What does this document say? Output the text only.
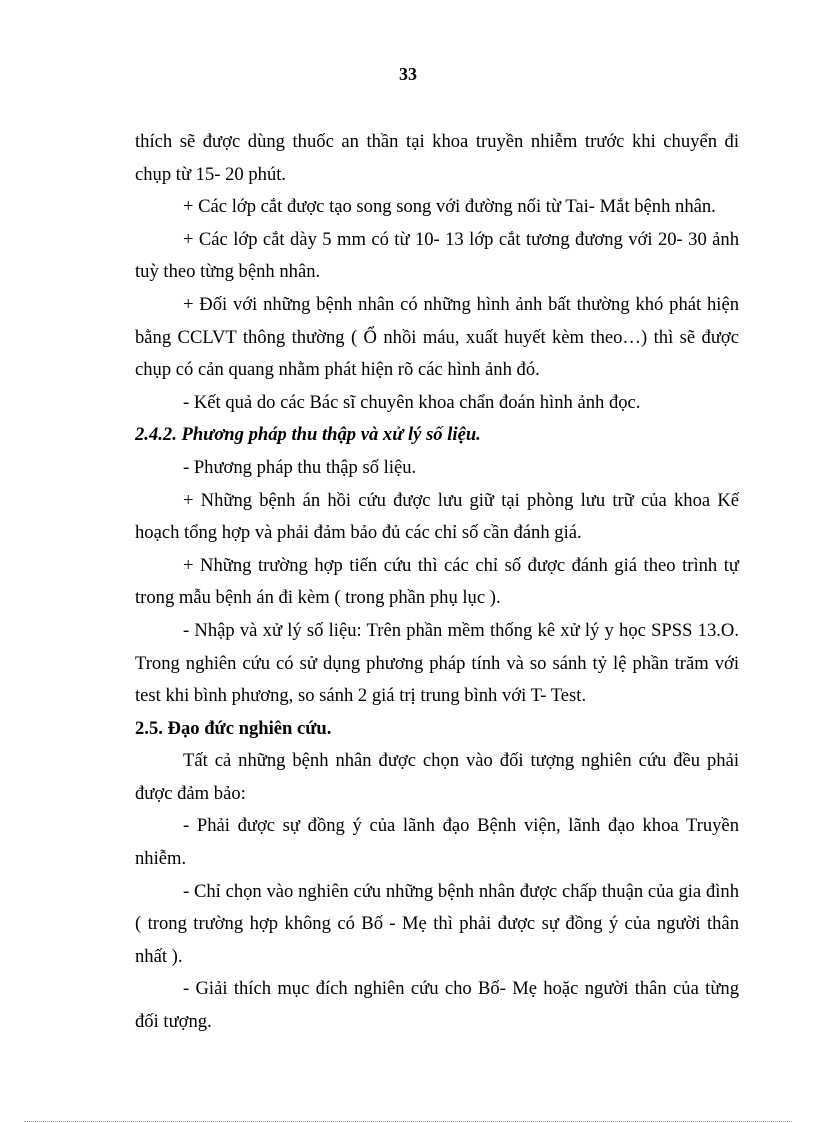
33

thích sẽ được dùng thuốc an thần tại khoa truyền nhiễm trước khi chuyển đi chụp từ 15- 20 phút.

+ Các lớp cắt được tạo song song với đường nối từ Tai- Mắt bệnh nhân.

+ Các lớp cắt dày 5 mm có từ 10- 13 lớp cắt tương đương với 20- 30 ảnh tuỳ theo từng bệnh nhân.

+ Đối với những bệnh nhân có những hình ảnh bất thường khó phát hiện bằng CCLVT thông thường ( Ổ nhồi máu, xuất huyết kèm theo…) thì sẽ được chụp có cản quang nhằm phát hiện rõ các hình ảnh đó.

- Kết quả do các Bác sĩ chuyên khoa chẩn đoán hình ảnh đọc.

2.4.2. Phương pháp thu thập và xử lý số liệu.

- Phương pháp thu thập số liệu.

+ Những bệnh án hồi cứu được lưu giữ tại phòng lưu trữ của khoa Kế hoạch tổng hợp và phải đảm bảo đủ các chỉ số cần đánh giá.

+ Những trường hợp tiến cứu thì các chỉ số được đánh giá theo trình tự trong mẫu bệnh án đi kèm ( trong phần phụ lục ).

- Nhập và xử lý số liệu: Trên phần mềm thống kê xử lý y học SPSS 13.O. Trong nghiên cứu có sử dụng phương pháp tính và so sánh tỷ lệ phần trăm với test khi bình phương, so sánh 2 giá trị trung bình với T- Test.

2.5. Đạo đức nghiên cứu.

Tất cả những bệnh nhân được chọn vào đối tượng nghiên cứu đều phải được đảm bảo:

- Phải được sự đồng ý của lãnh đạo Bệnh viện, lãnh đạo khoa Truyền nhiễm.

- Chỉ chọn vào nghiên cứu những bệnh nhân được chấp thuận của gia đình ( trong trường hợp không có Bố - Mẹ thì phải được sự đồng ý của người thân nhất ).

- Giải thích mục đích nghiên cứu cho Bố- Mẹ hoặc người thân của từng đối tượng.
